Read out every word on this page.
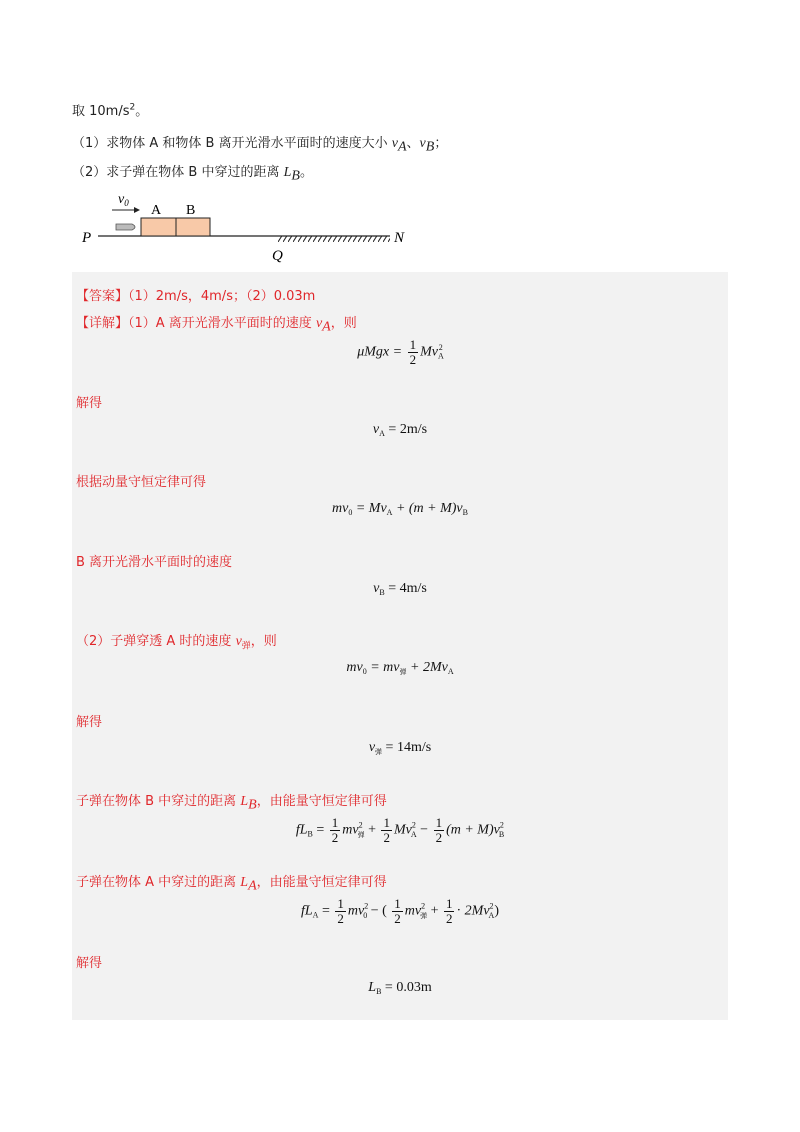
取 $10m/s^2$。
（1）求物体 A 和物体 B 离开光滑水平面时的速度大小 $v_A$、$v_B$；
（2）求子弹在物体 B 中穿过的距离 $L_B$。
$v_0$ A B
P
Q
N
【答案】（1）2m/s，4m/s；（2）0.03m
【详解】（1）A 离开光滑水平面时的速度 $v_A$，则
$\mu Mgx = \frac{1}{2} Mv_A^2$
解得
$v_A = 2m/s$
根据动量守恒定律可得
$mv_0 = Mv_A + (m + M)v_B$
B 离开光滑水平面时的速度
$v_B = 4m/s$
（2）子弹穿透 A 时的速度 $v_弹$，则
$mv_0 = mv_弹 + 2Mv_A$
解得
$v_弹 = 14m/s$
子弹在物体 B 中穿过的距离 $L_B$，由能量守恒定律可得
$fL_B = \frac{1}{2} mv^2_弹 + \frac{1}{2} Mv^2_A - \frac{1}{2} (m + M)v^2_B$
子弹在物体 A 中穿过的距离 $L_A$，由能量守恒定律可得
$fL_A = \frac{1}{2} mv^2_0$ − ( $\frac{1}{2} mv^2_弹 + \frac{1}{2} \cdot 2Mv^2_A$)
解得
$L_B = 0.03m$
